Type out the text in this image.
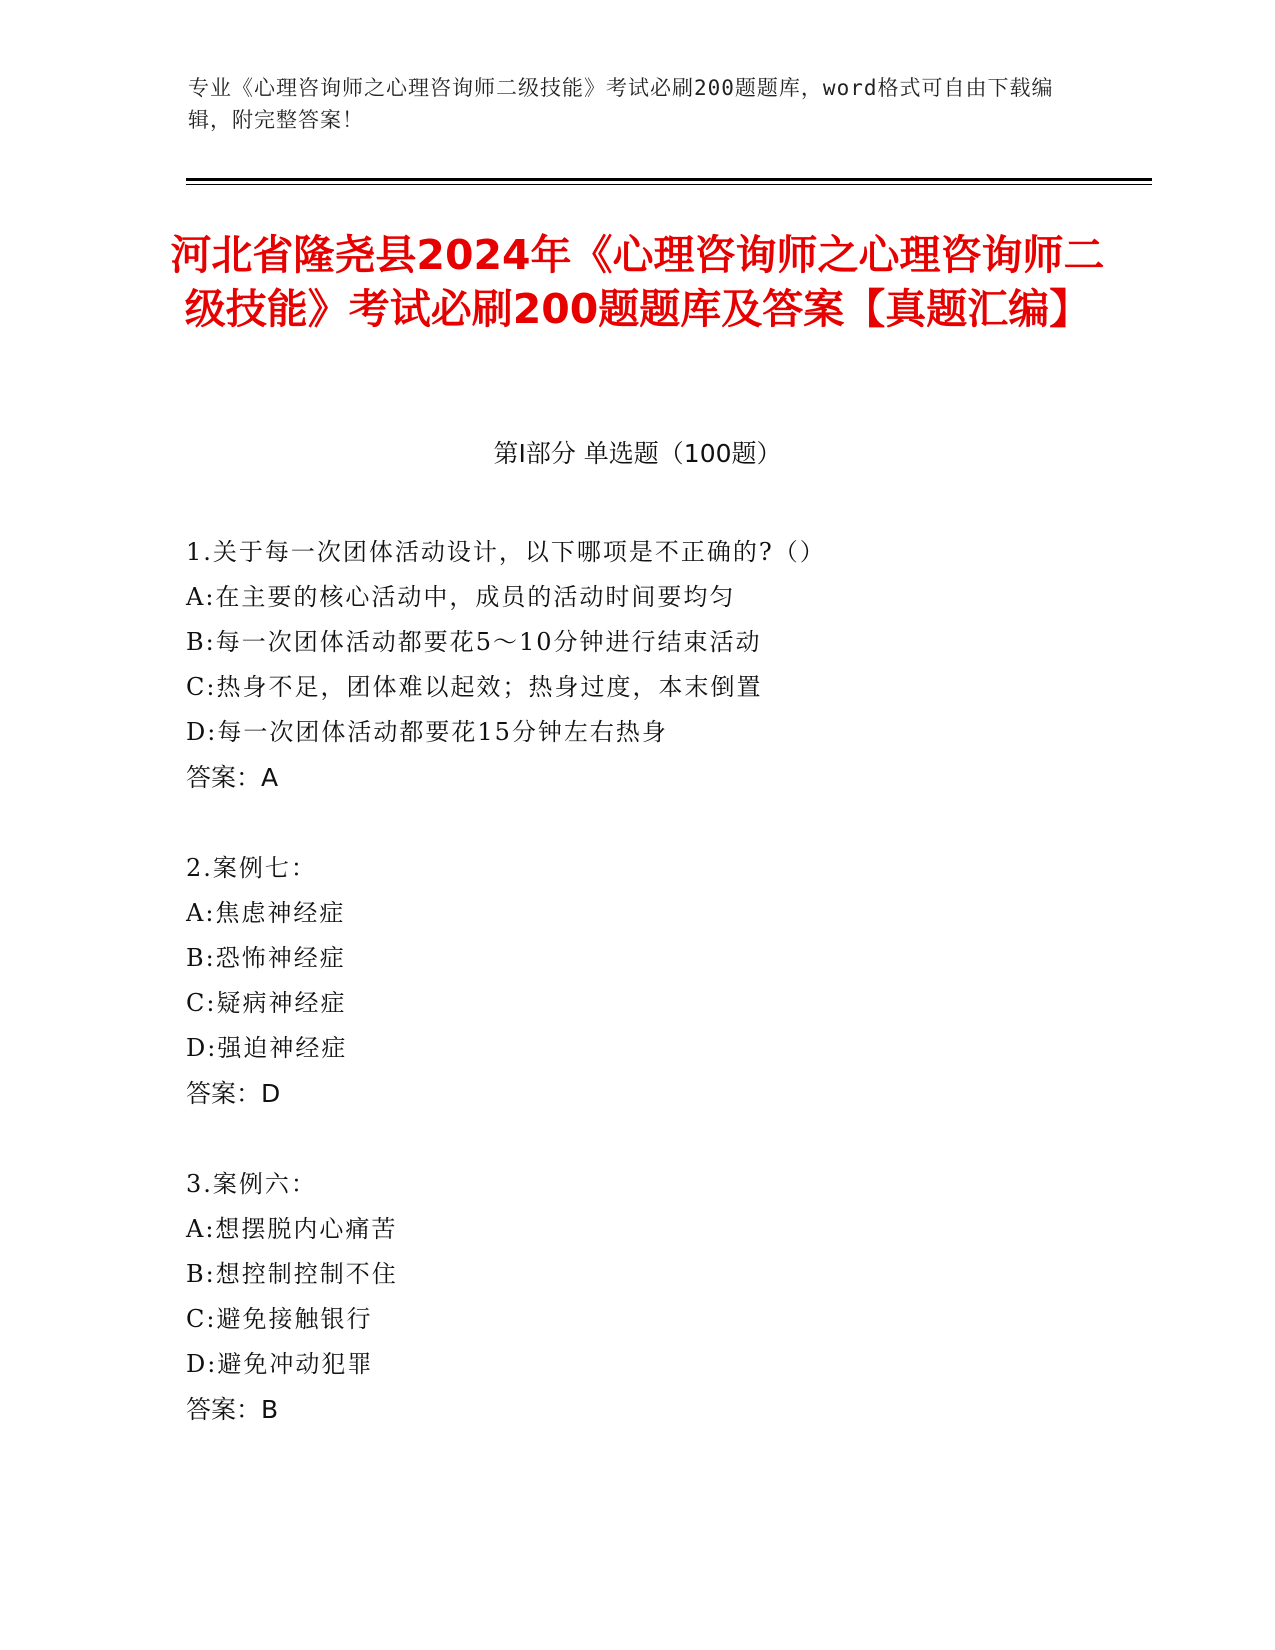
专业《心理咨询师之心理咨询师二级技能》考试必刷200题题库，word格式可自由下载编辑，附完整答案！
河北省隆尧县2024年《心理咨询师之心理咨询师二级技能》考试必刷200题题库及答案【真题汇编】
第I部分 单选题（100题）
1.关于每一次团体活动设计，以下哪项是不正确的?（）
A:在主要的核心活动中，成员的活动时间要均匀
B:每一次团体活动都要花5～10分钟进行结束活动
C:热身不足，团体难以起效；热身过度，本末倒置
D:每一次团体活动都要花15分钟左右热身
答案：A
2.案例七：
A:焦虑神经症
B:恐怖神经症
C:疑病神经症
D:强迫神经症
答案：D
3.案例六：
A:想摆脱内心痛苦
B:想控制控制不住
C:避免接触银行
D:避免冲动犯罪
答案：B
